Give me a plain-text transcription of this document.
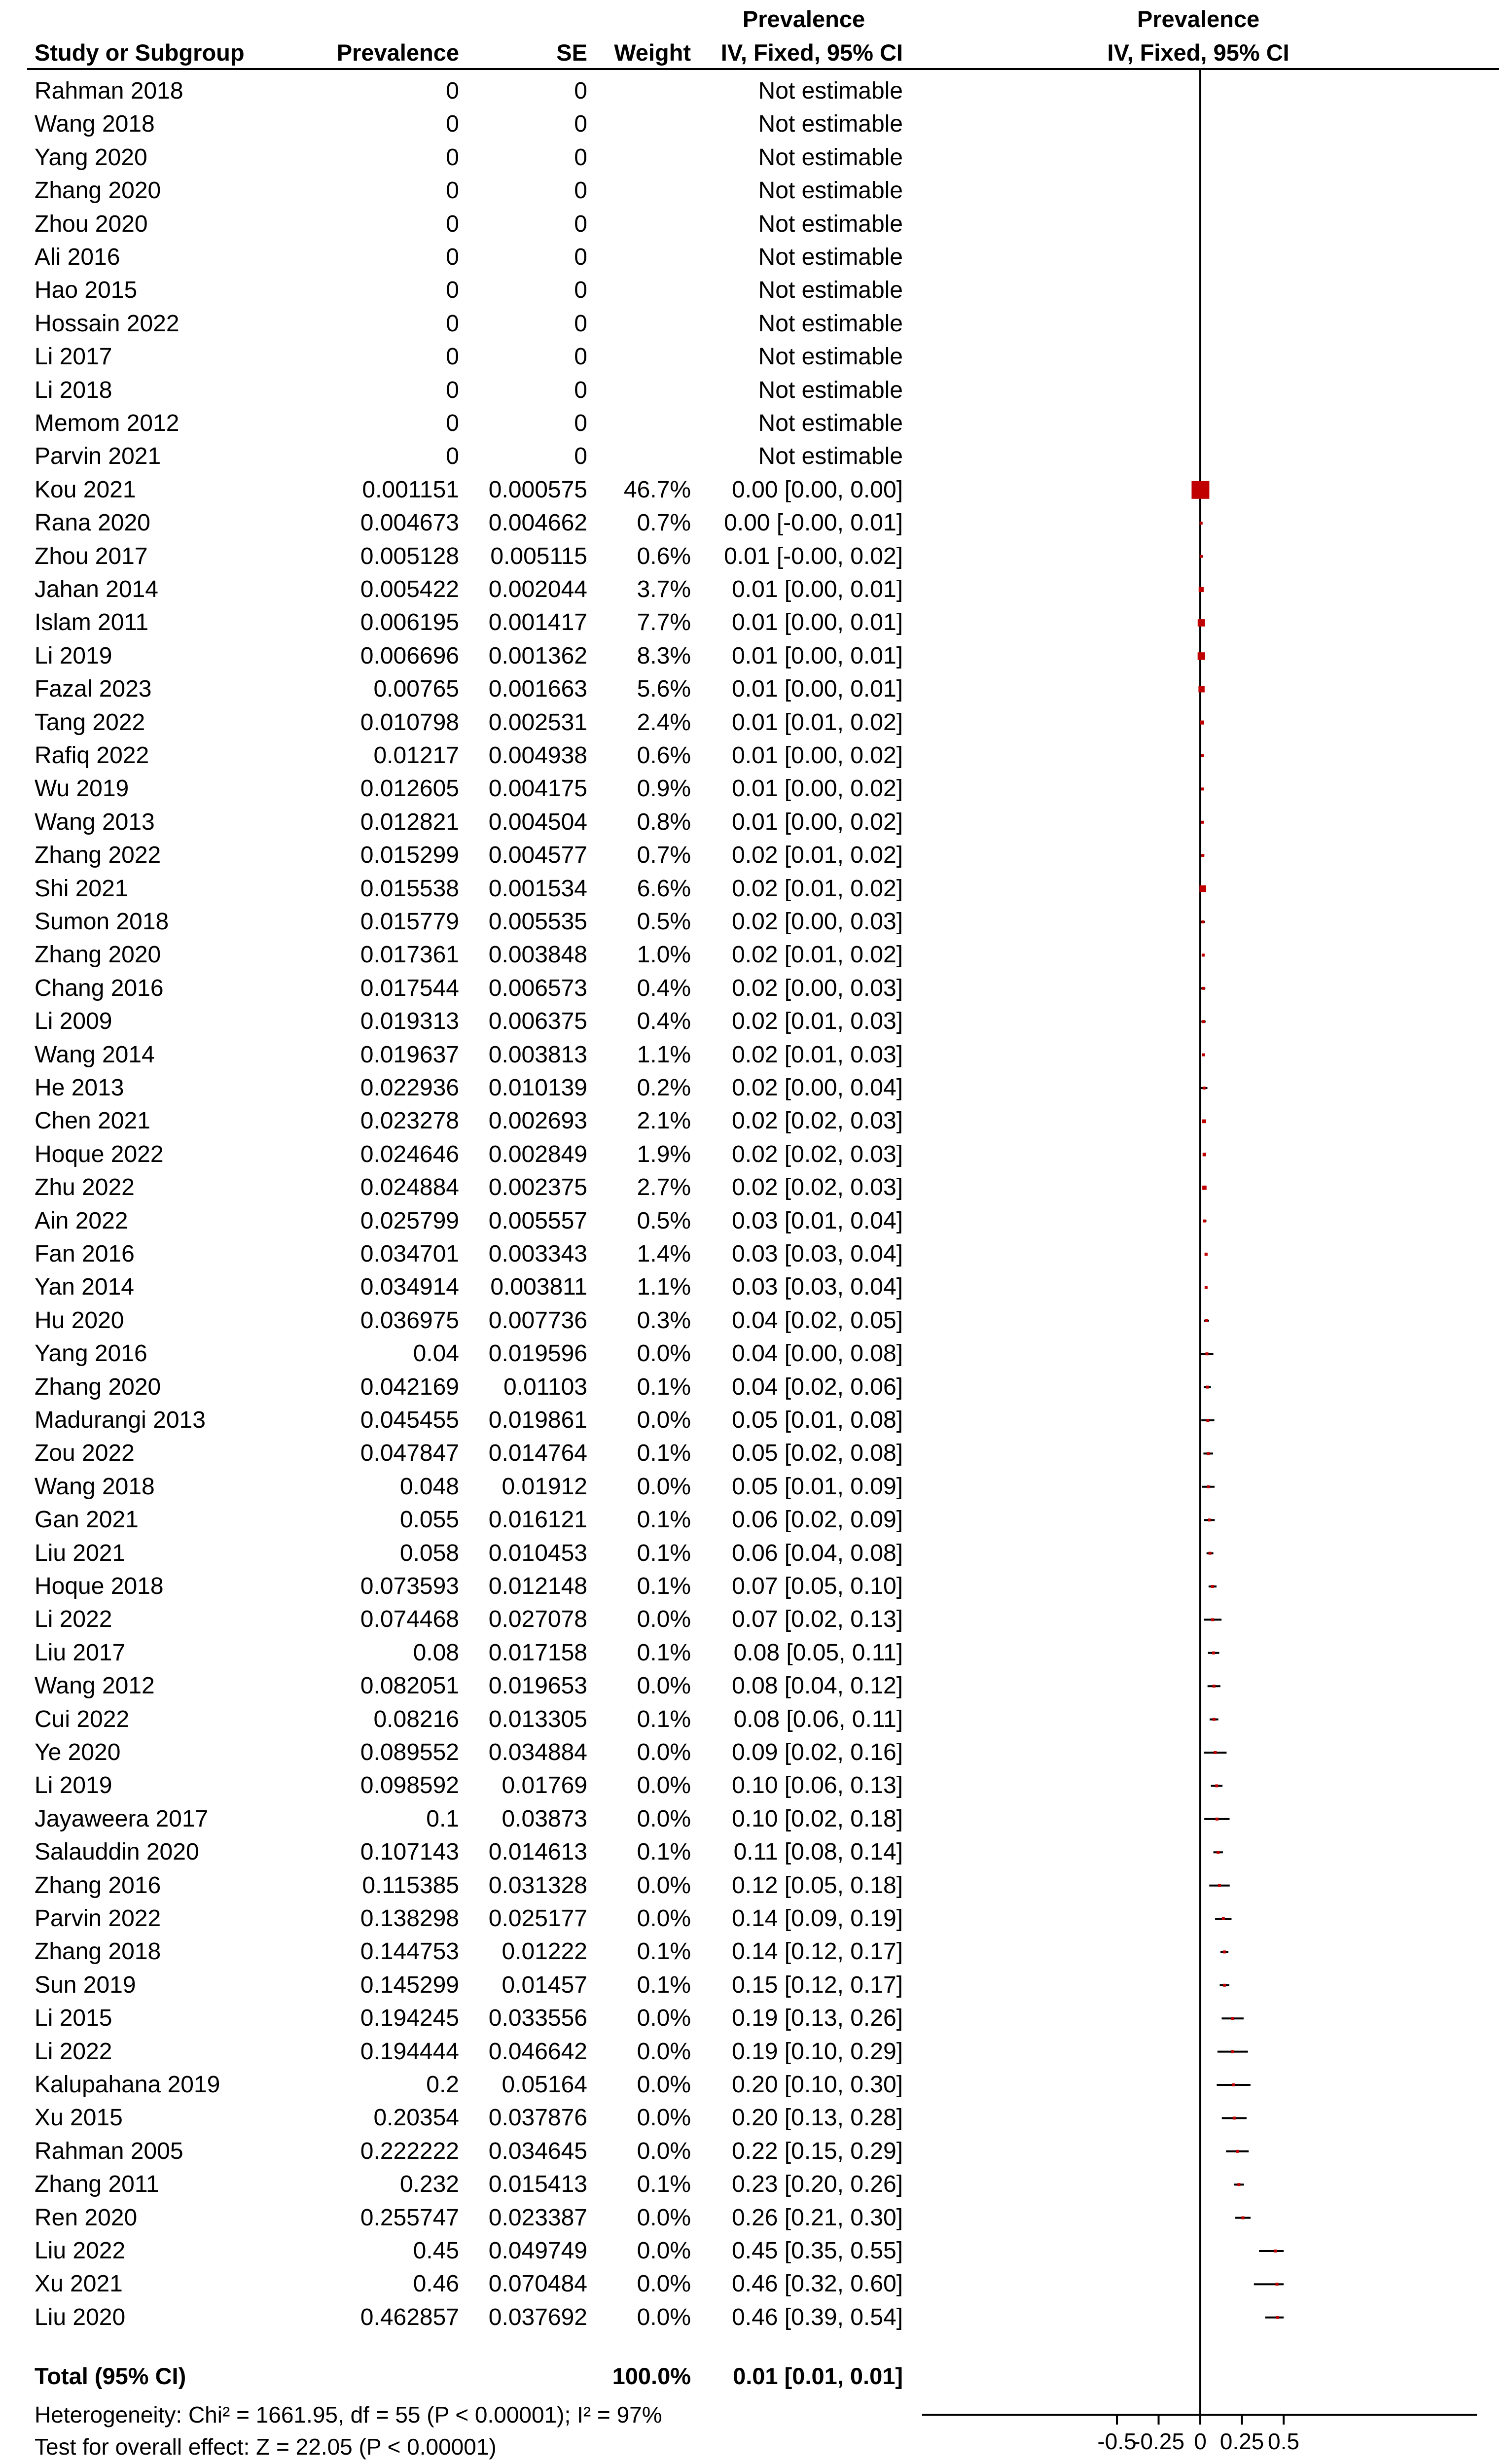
Study or Subgroup	Prevalence	SE Weight
Prevalence
IV, Fixed, 95% CI
Prevalence
IV, Fixed, 95% CI
Rahman 2018	0	0	Not estimable
Wang 2018	0	0	Not estimable
Yang 2020	0	0	Not estimable
Zhang 2020	0	0	Not estimable
Zhou 2020	0	0	Not estimable
Ali 2016	0	0	Not estimable
Hao 2015	0	0	Not estimable
Hossain 2022	0	0	Not estimable
Li 2017	0	0	Not estimable
Li 2018	0	0	Not estimable
Memom 2012	0	0	Not estimable
Parvin 2021	0	0	Not estimable
Kou 2021	0.001151 0.000575 46.7% 0.00 [0.00, 0.00]
Rana 2020	0.004673 0.004662 0.7% 0.00 [-0.00, 0.01]
Zhou 2017	0.005128 0.005115 0.6% 0.01 [-0.00, 0.02]
Jahan 2014	0.005422 0.002044 3.7% 0.01 [0.00, 0.01]
Islam 2011	0.006195 0.001417 7.7% 0.01 [0.00, 0.01]
Li 2019	0.006696 0.001362 8.3% 0.01 [0.00, 0.01]
Fazal 2023	0.00765 0.001663 5.6% 0.01 [0.00, 0.01]
Tang 2022	0.010798 0.002531 2.4% 0.01 [0.01, 0.02]
Rafiq 2022	0.01217 0.004938 0.6% 0.01 [0.00, 0.02]
Wu 2019	0.012605 0.004175 0.9% 0.01 [0.00, 0.02]
Wang 2013	0.012821 0.004504 0.8% 0.01 [0.00, 0.02]
Zhang 2022	0.015299 0.004577 0.7% 0.02 [0.01, 0.02]
Shi 2021	0.015538 0.001534 6.6% 0.02 [0.01, 0.02]
Sumon 2018	0.015779 0.005535 0.5% 0.02 [0.00, 0.03]
Zhang 2020	0.017361 0.003848 1.0% 0.02 [0.01, 0.02]
Chang 2016	0.017544 0.006573 0.4% 0.02 [0.00, 0.03]
Li 2009	0.019313 0.006375 0.4% 0.02 [0.01, 0.03]
Wang 2014	0.019637 0.003813 1.1% 0.02 [0.01, 0.03]
He 2013	0.022936 0.010139 0.2% 0.02 [0.00, 0.04]
Chen 2021	0.023278 0.002693 2.1% 0.02 [0.02, 0.03]
Hoque 2022	0.024646 0.002849 1.9% 0.02 [0.02, 0.03]
Zhu 2022	0.024884 0.002375 2.7% 0.02 [0.02, 0.03]
Ain 2022	0.025799 0.005557 0.5% 0.03 [0.01, 0.04]
Fan 2016	0.034701 0.003343 1.4% 0.03 [0.03, 0.04]
Yan 2014	0.034914 0.003811 1.1% 0.03 [0.03, 0.04]
Hu 2020	0.036975 0.007736 0.3% 0.04 [0.02, 0.05]
Yang 2016	0.04 0.019596 0.0% 0.04 [0.00, 0.08]
Zhang 2020	0.042169 0.01103 0.1% 0.04 [0.02, 0.06]
Madurangi 2013	0.045455 0.019861 0.0% 0.05 [0.01, 0.08]
Zou 2022	0.047847 0.014764 0.1% 0.05 [0.02, 0.08]
Wang 2018	0.048 0.01912 0.0% 0.05 [0.01, 0.09]
Gan 2021	0.055 0.016121 0.1% 0.06 [0.02, 0.09]
Liu 2021	0.058 0.010453 0.1% 0.06 [0.04, 0.08]
Hoque 2018	0.073593 0.012148 0.1% 0.07 [0.05, 0.10]
Li 2022	0.074468 0.027078 0.0% 0.07 [0.02, 0.13]
Liu 2017	0.08 0.017158 0.1% 0.08 [0.05, 0.11]
Wang 2012	0.082051 0.019653 0.0% 0.08 [0.04, 0.12]
Cui 2022	0.08216 0.013305 0.1% 0.08 [0.06, 0.11]
Ye 2020	0.089552 0.034884 0.0% 0.09 [0.02, 0.16]
Li 2019	0.098592 0.01769 0.0% 0.10 [0.06, 0.13]
Jayaweera 2017	0.1 0.03873 0.0% 0.10 [0.02, 0.18]
Salauddin 2020	0.107143 0.014613 0.1% 0.11 [0.08, 0.14]
Zhang 2016	0.115385 0.031328 0.0% 0.12 [0.05, 0.18]
Parvin 2022	0.138298 0.025177 0.0% 0.14 [0.09, 0.19]
Zhang 2018	0.144753 0.01222 0.1% 0.14 [0.12, 0.17]
Sun 2019	0.145299 0.01457 0.1% 0.15 [0.12, 0.17]
Li 2015	0.194245 0.033556 0.0% 0.19 [0.13, 0.26]
Li 2022	0.194444 0.046642 0.0% 0.19 [0.10, 0.29]
Kalupahana 2019	0.2 0.05164 0.0% 0.20 [0.10, 0.30]
Xu 2015	0.20354 0.037876 0.0% 0.20 [0.13, 0.28]
Rahman 2005	0.222222 0.034645 0.0% 0.22 [0.15, 0.29]
Zhang 2011	0.232 0.015413 0.1% 0.23 [0.20, 0.26]
Ren 2020	0.255747 0.023387 0.0% 0.26 [0.21, 0.30]
Liu 2022	0.45 0.049749 0.0% 0.45 [0.35, 0.55]
Xu 2021	0.46 0.070484 0.0% 0.46 [0.32, 0.60]
Liu 2020	0.462857 0.037692 0.0% 0.46 [0.39, 0.54]
Total (95% CI)	100.0% 0.01 [0.01, 0.01]
Heterogeneity: Chi² = 1661.95, df = 55 (P < 0.00001); I² = 97%
Test for overall effect: Z = 22.05 (P < 0.00001)	-0.5
-0.25 0 0.25 0.5
